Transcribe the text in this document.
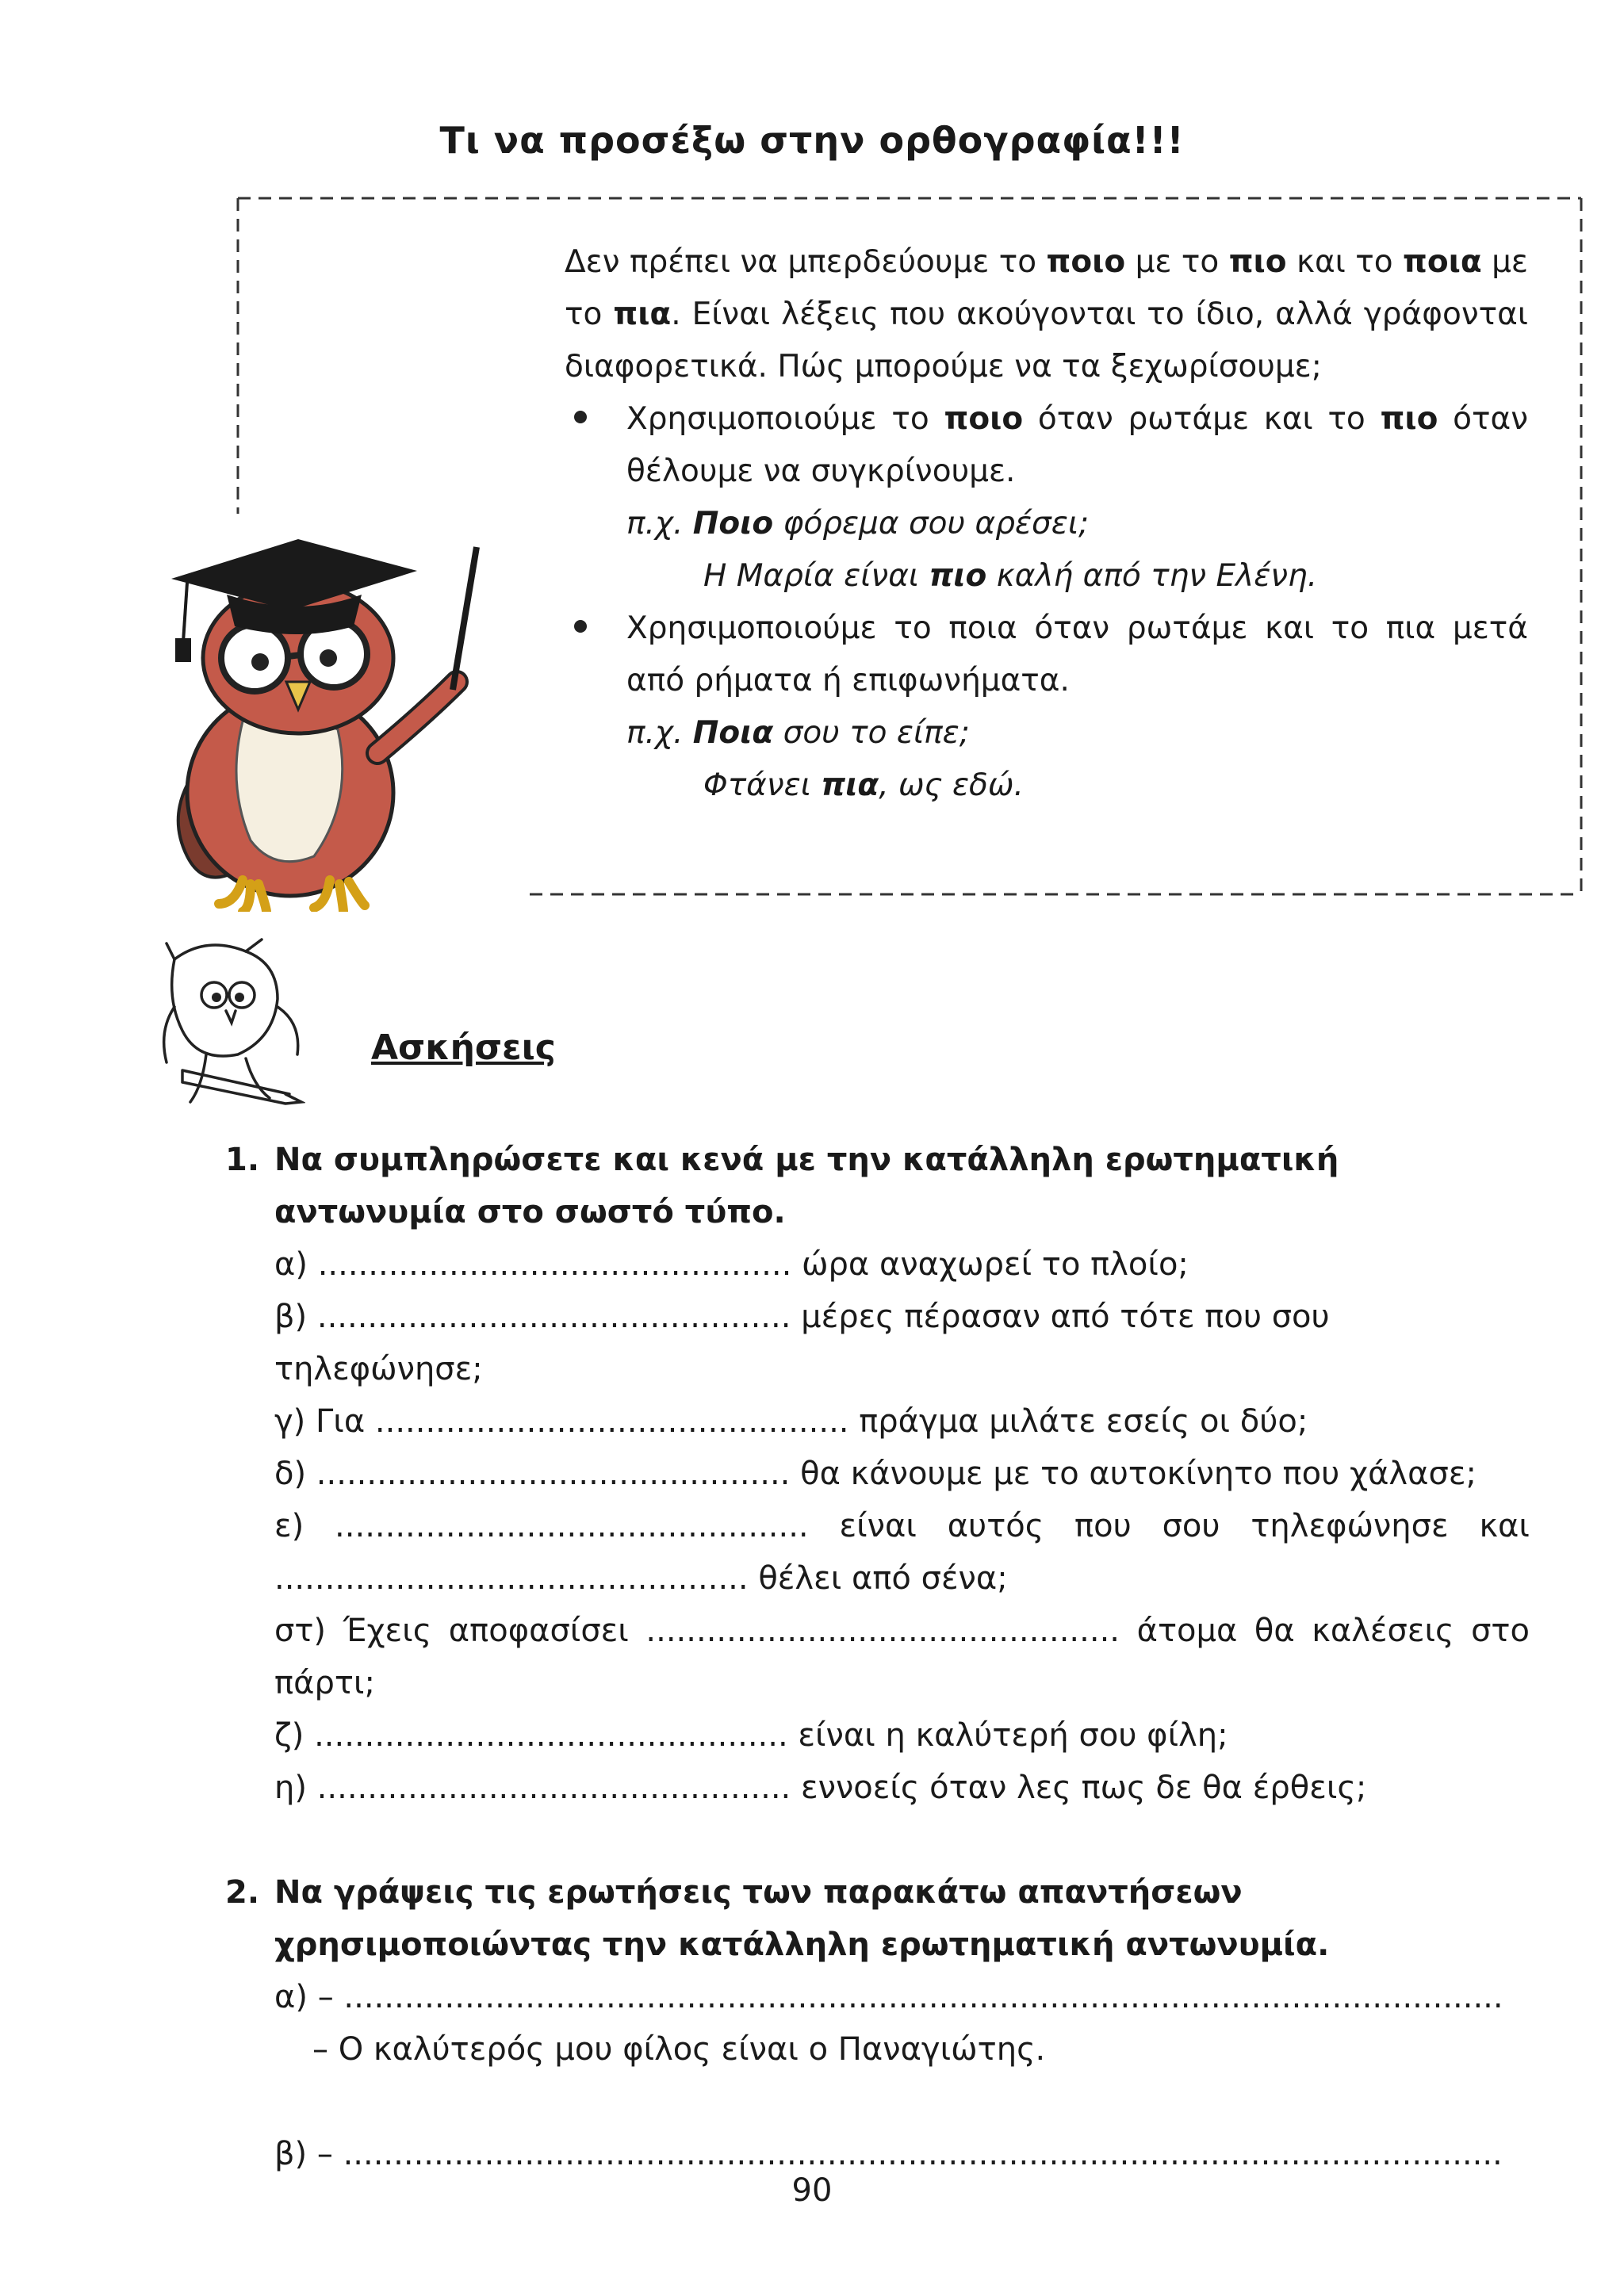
Τι να προσέξω στην ορθογραφία!!!

Δεν πρέπει να μπερδεύουμε το ποιο με το πιο και το ποια με το πια. Είναι λέξεις που ακούγονται το ίδιο, αλλά γράφονται διαφορετικά. Πώς μπορούμε να τα ξεχωρίσουμε;

Χρησιμοποιούμε το ποιο όταν ρωτάμε και το πιο όταν θέλουμε να συγκρίνουμε.

π.χ. Ποιο φόρεμα σου αρέσει;
Η Μαρία είναι πιο καλή από την Ελένη.

Χρησιμοποιούμε το ποια όταν ρωτάμε και το πια μετά από ρήματα ή επιφωνήματα.

π.χ. Ποια σου το είπε;
Φτάνει πια, ως εδώ.
Ασκήσεις
1. Να συμπληρώσετε και κενά με την κατάλληλη ερωτηματική αντωνυμία στο σωστό τύπο.
α) ............................................... ώρα αναχωρεί το πλοίο;
β) ............................................... μέρες πέρασαν από τότε που σου τηλεφώνησε;
γ) Για ............................................... πράγμα μιλάτε εσείς οι δύο;
δ) ............................................... θα κάνουμε με το αυτοκίνητο που χάλασε;
ε) ............................................... είναι αυτός που σου τηλεφώνησε και
............................................... θέλει από σένα;
στ) Έχεις αποφασίσει ............................................... άτομα θα καλέσεις στο
πάρτι;
ζ) ............................................... είναι η καλύτερή σου φίλη;
η) ............................................... εννοείς όταν λες πως δε θα έρθεις;
2. Να γράψεις τις ερωτήσεις των παρακάτω απαντήσεων χρησιμοποιώντας την κατάλληλη ερωτηματική αντωνυμία.
α) – ...................................................................................................................
– Ο καλύτερός μου φίλος είναι ο Παναγιώτης.
β) – ...................................................................................................................
90
